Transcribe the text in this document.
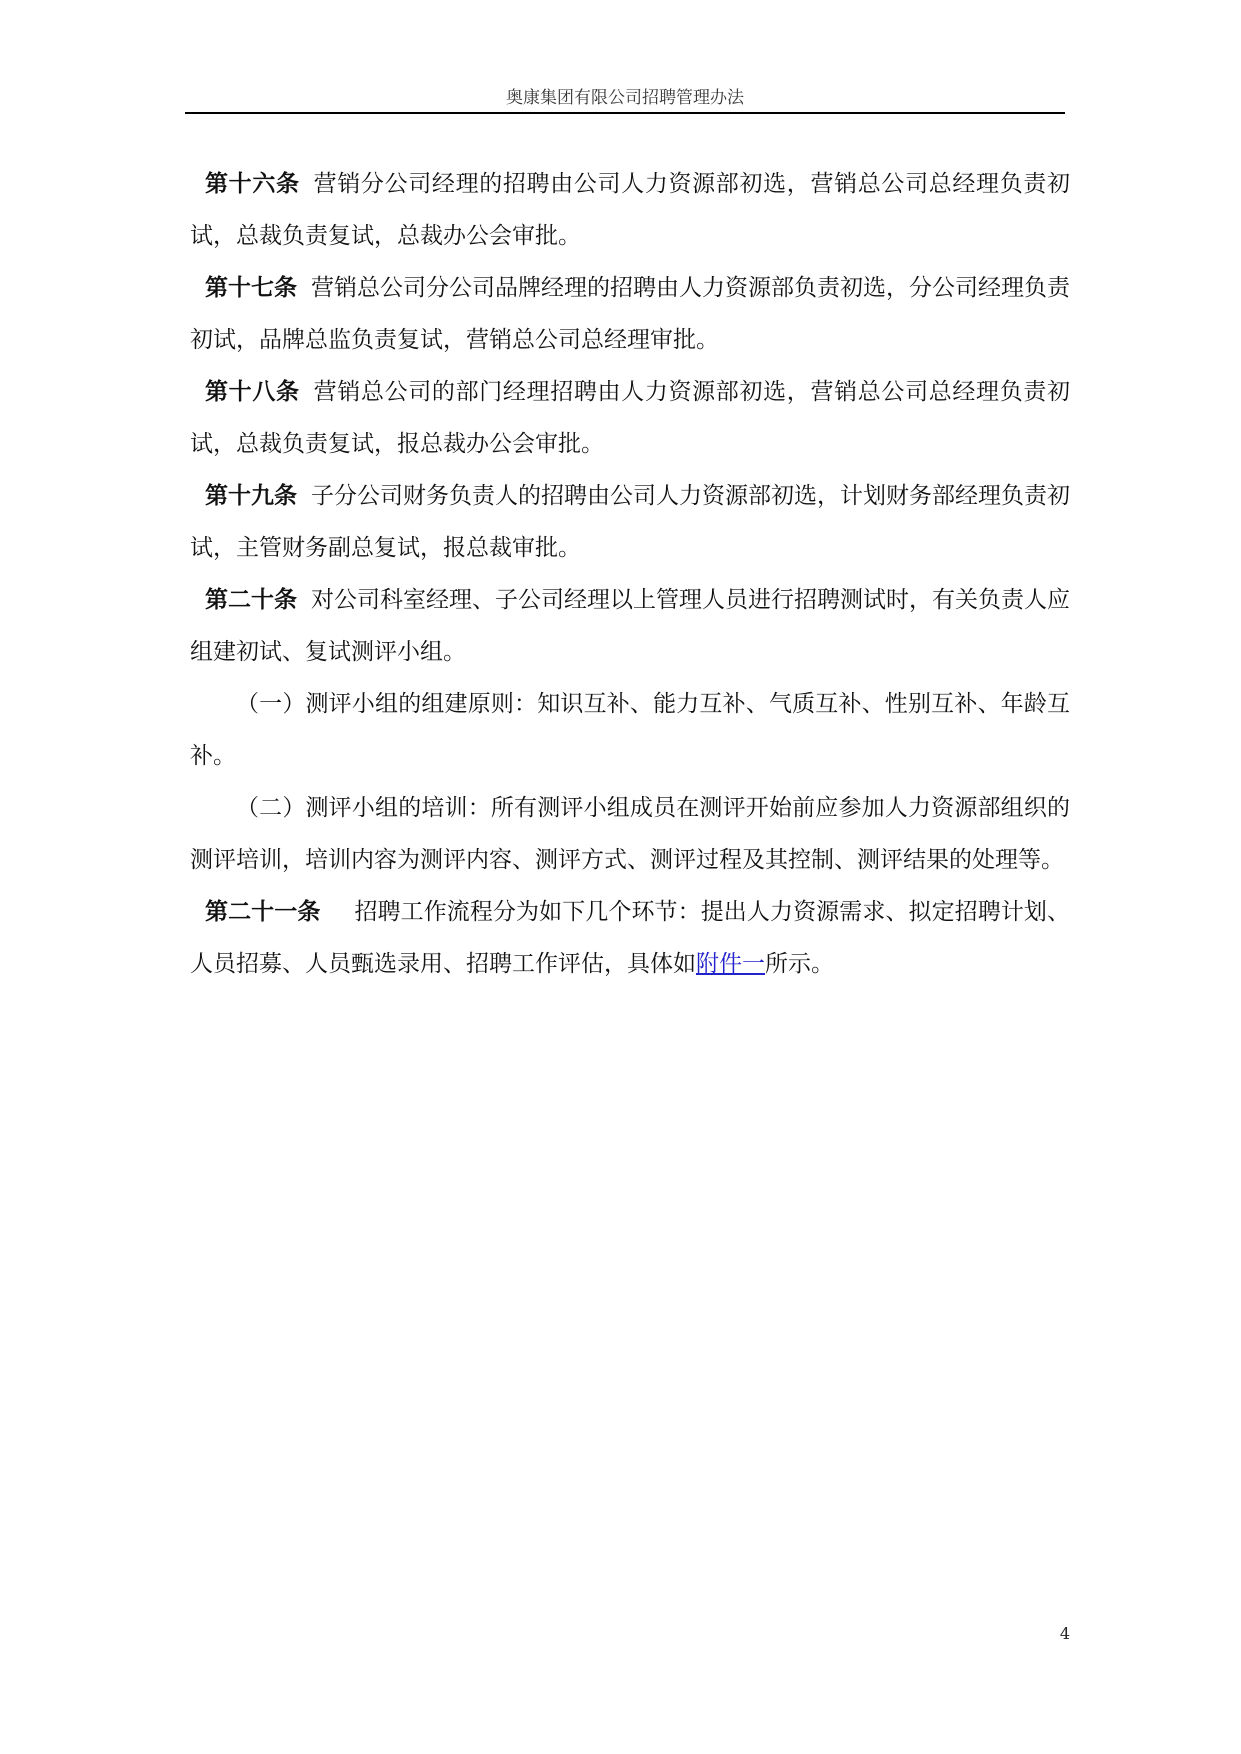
奥康集团有限公司招聘管理办法

第十六条 营销分公司经理的招聘由公司人力资源部初选，营销总公司总经理负责初试，总裁负责复试，总裁办公会审批。

第十七条 营销总公司分公司品牌经理的招聘由人力资源部负责初选，分公司经理负责初试，品牌总监负责复试，营销总公司总经理审批。

第十八条 营销总公司的部门经理招聘由人力资源部初选，营销总公司总经理负责初试，总裁负责复试，报总裁办公会审批。

第十九条 子分公司财务负责人的招聘由公司人力资源部初选，计划财务部经理负责初试，主管财务副总复试，报总裁审批。

第二十条 对公司科室经理、子公司经理以上管理人员进行招聘测试时，有关负责人应组建初试、复试测评小组。

（一）测评小组的组建原则：知识互补、能力互补、气质互补、性别互补、年龄互补。

（二）测评小组的培训：所有测评小组成员在测评开始前应参加人力资源部组织的测评培训，培训内容为测评内容、测评方式、测评过程及其控制、测评结果的处理等。

第二十一条 招聘工作流程分为如下几个环节：提出人力资源需求、拟定招聘计划、人员招募、人员甄选录用、招聘工作评估，具体如附件一所示。

4
